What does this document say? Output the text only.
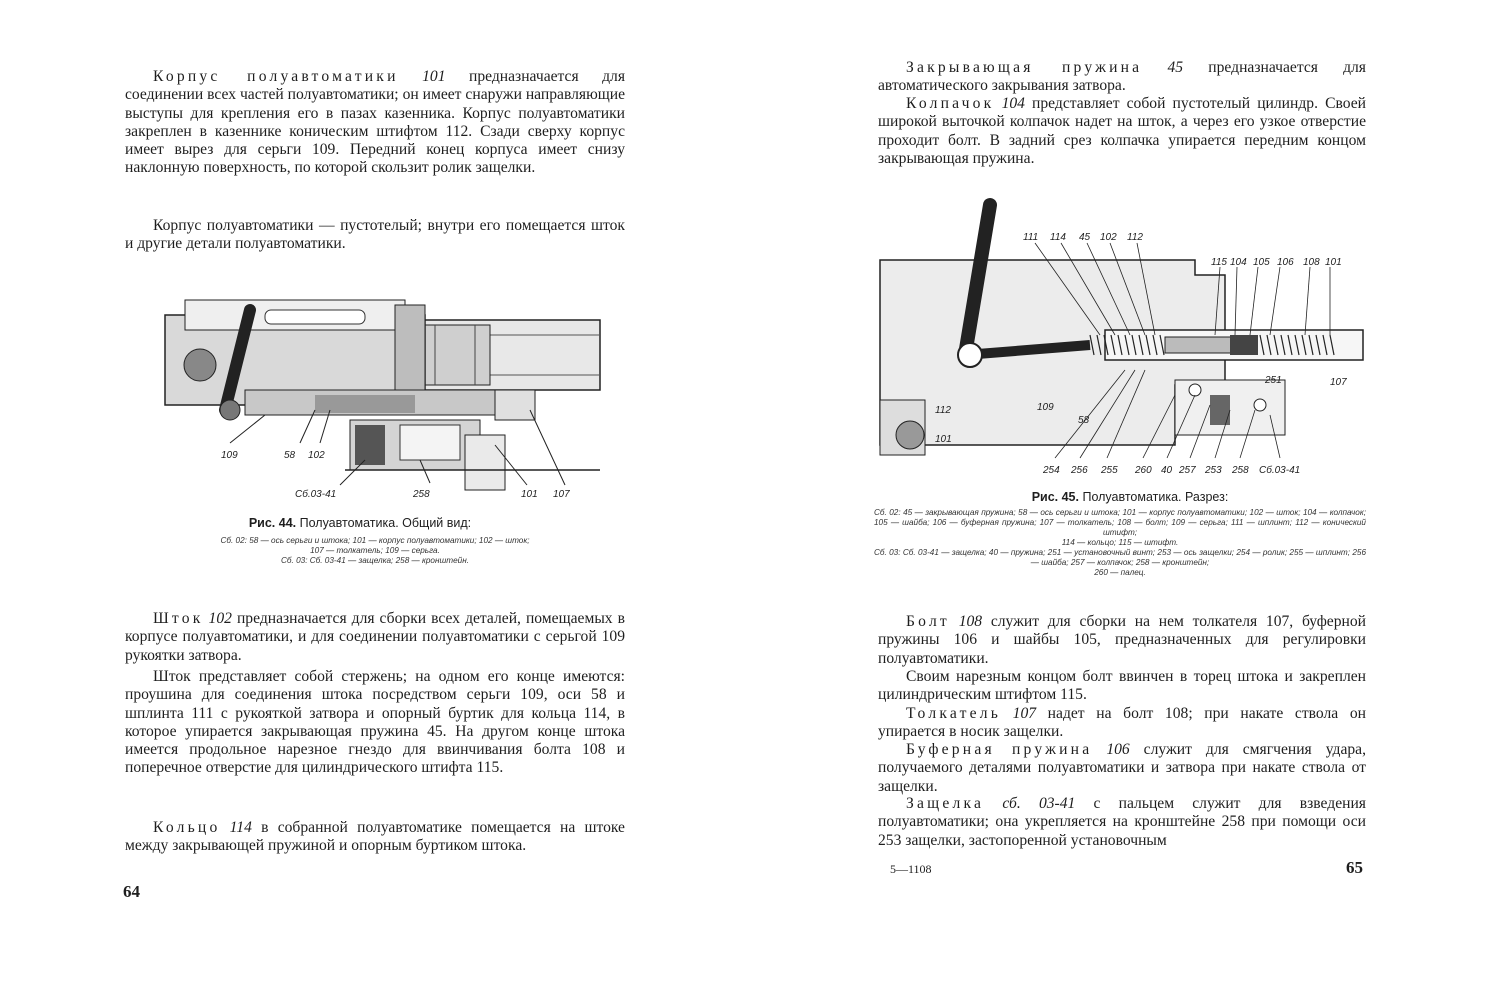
Корпус полуавтоматики 101 предназначается для соединении всех частей полуавтоматики; он имеет снаружи направляющие выступы для крепления его в пазах казенника. Корпус полуавтоматики закреплен в казеннике коническим штифтом 112. Сзади сверху корпус имеет вырез для серьги 109. Передний конец корпуса имеет снизу наклонную поверхность, по которой скользит ролик защелки.

Корпус полуавтоматики — пустотелый; внутри его помещается шток и другие детали полуавтоматики.

109	58 102
Сб.03-41	258	101 107

Рис. 44. Полуавтоматика. Общий вид:

Сб. 02: 58 — ось серьги и штока; 101 — корпус полуавтоматики; 102 — шток;
107 — толкатель; 109 — серьга.
Сб. 03: Сб. 03-41 — защелка; 258 — кронштейн.

Шток 102 предназначается для сборки всех деталей, помещаемых в корпусе полуавтоматики, и для соединении полуавтоматики с серьгой 109 рукоятки затвора.

Шток представляет собой стержень; на одном его конце имеются: проушина для соединения штока посредством серьги 109, оси 58 и шплинта 111 с рукояткой затвора и опорный буртик для кольца 114, в которое упирается закрывающая пружина 45. На другом конце штока имеется продольное нарезное гнездо для ввинчивания болта 108 и поперечное отверстие для цилиндрического штифта 115.

Кольцо 114 в собранной полуавтоматике помещается на штоке между закрывающей пружиной и опорным буртиком штока.

64

Закрывающая пружина 45 предназначается для автоматического закрывания затвора.

Колпачок 104 представляет собой пустотелый цилиндр. Своей широкой выточкой колпачок надет на шток, а через его узкое отверстие проходит болт. В задний срез колпачка упирается передним концом закрывающая пружина.

111 114 45 102 112
115 104 105 106 108 101
251	107
109
58
112
101
254 256 255 260 40 257 253 258 Сб.03-41

Рис. 45. Полуавтоматика. Разрез:

Сб. 02: 45 — закрывающая пружина; 58 — ось серьги и штока; 101 — корпус полуавтоматики; 102 — шток; 104 — колпачок; 105 — шайба; 106 — буферная пружина; 107 — толкатель; 108 — болт; 109 — серьга; 111 — шплинт; 112 — конический штифт;
114 — кольцо; 115 — штифт.
Сб. 03: Сб. 03-41 — защелка; 40 — пружина; 251 — установочный винт; 253 — ось защелки; 254 — ролик; 255 — шплинт; 256 — шайба; 257 — колпачок; 258 — кронштейн;
260 — палец.

Болт 108 служит для сборки на нем толкателя 107, буферной пружины 106 и шайбы 105, предназначенных для регулировки полуавтоматики.

Своим нарезным концом болт ввинчен в торец штока и закреплен цилиндрическим штифтом 115.

Толкатель 107 надет на болт 108; при накате ствола он упирается в носик защелки.

Буферная пружина 106 служит для смягчения удара, получаемого деталями полуавтоматики и затвора при накате ствола от защелки.

Защелка сб. 03-41 с пальцем служит для взведения полуавтоматики; она укрепляется на кронштейне 258 при помощи оси 253 защелки, застопоренной установочным

5—1108	65
